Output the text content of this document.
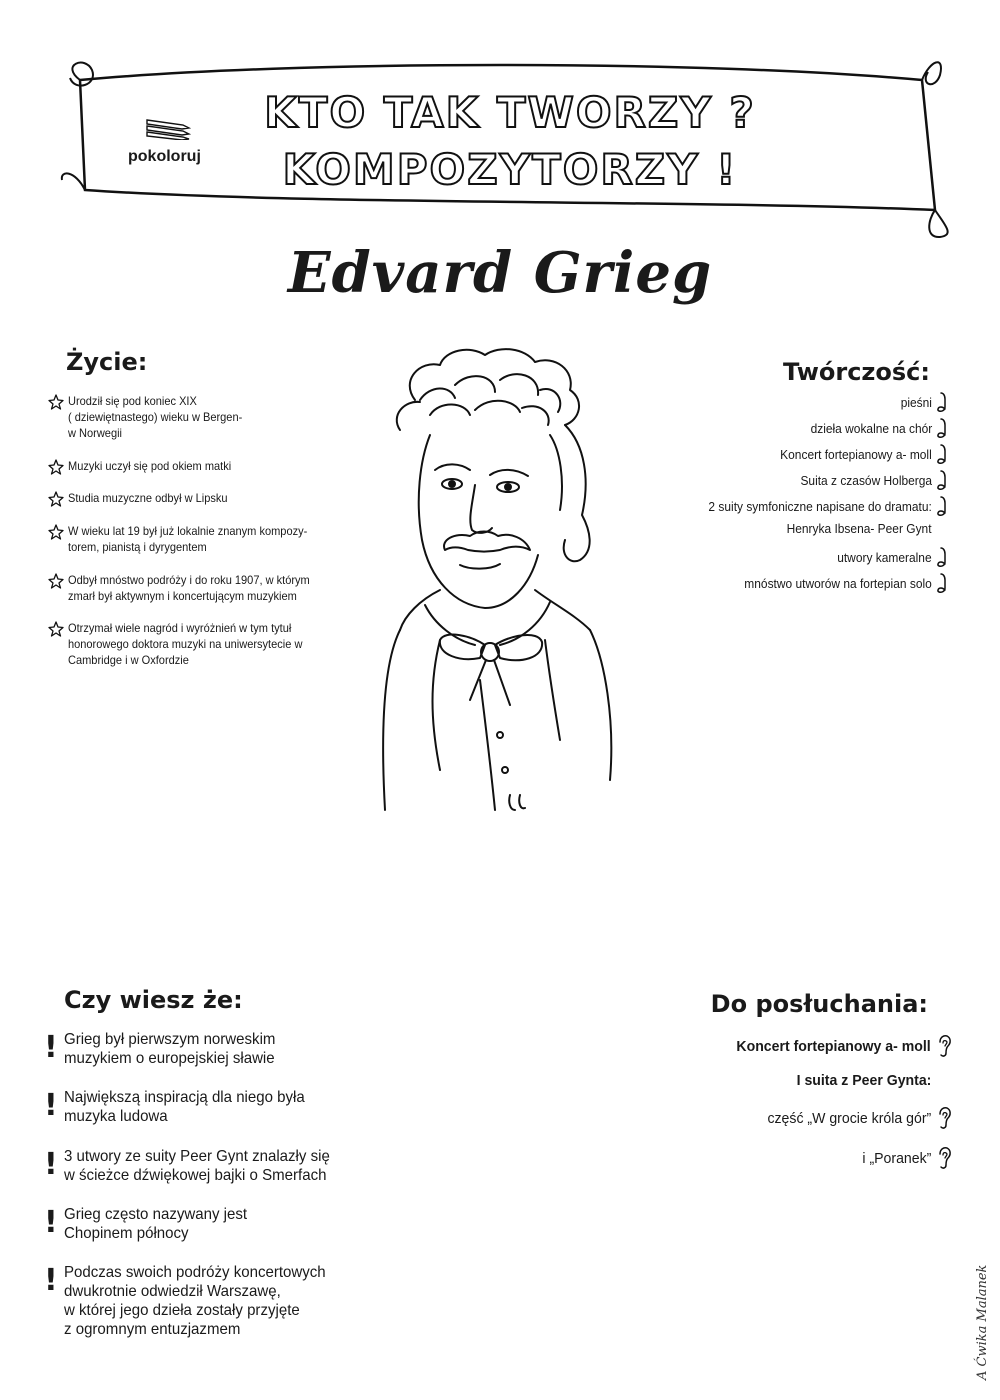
pokoloruj
KTO TAK TWORZY ?
KOMPOZYTORZY !
Edvard Grieg
Życie:
Urodził się pod koniec XIX
( dziewiętnastego) wieku w Bergen-
w Norwegii
Muzyki uczył się pod okiem matki
Studia muzyczne odbył w Lipsku
W wieku lat 19 był już lokalnie znanym kompozy-
torem, pianistą i dyrygentem
Odbył mnóstwo podróży i do roku 1907, w którym
zmarł był aktywnym i koncertującym muzykiem
Otrzymał wiele nagród i wyróżnień w tym tytuł
honorowego doktora muzyki na uniwersytecie w
Cambridge i w Oxfordzie
Twórczość:
pieśni
dzieła wokalne na chór
Koncert fortepianowy a- moll
Suita z czasów Holberga
2 suity symfoniczne napisane do dramatu:
Henryka Ibsena- Peer Gynt
utwory kameralne
mnóstwo utworów na fortepian solo
Czy wiesz że:
! Grieg był pierwszym norweskim
muzykiem o europejskiej sławie
! Największą inspiracją dla niego była
muzyka ludowa
! 3 utwory ze suity Peer Gynt znalazły się
w ścieżce dźwiękowej bajki o Smerfach
! Grieg często nazywany jest
Chopinem północy
! Podczas swoich podróży koncertowych
dwukrotnie odwiedził Warszawę,
w której jego dzieła zostały przyjęte
z ogromnym entuzjazmem
Do posłuchania:
Koncert fortepianowy a- moll
I suita z Peer Gynta:
część „W grocie króla gór”
i „Poranek”
A Ćwika Malanek
